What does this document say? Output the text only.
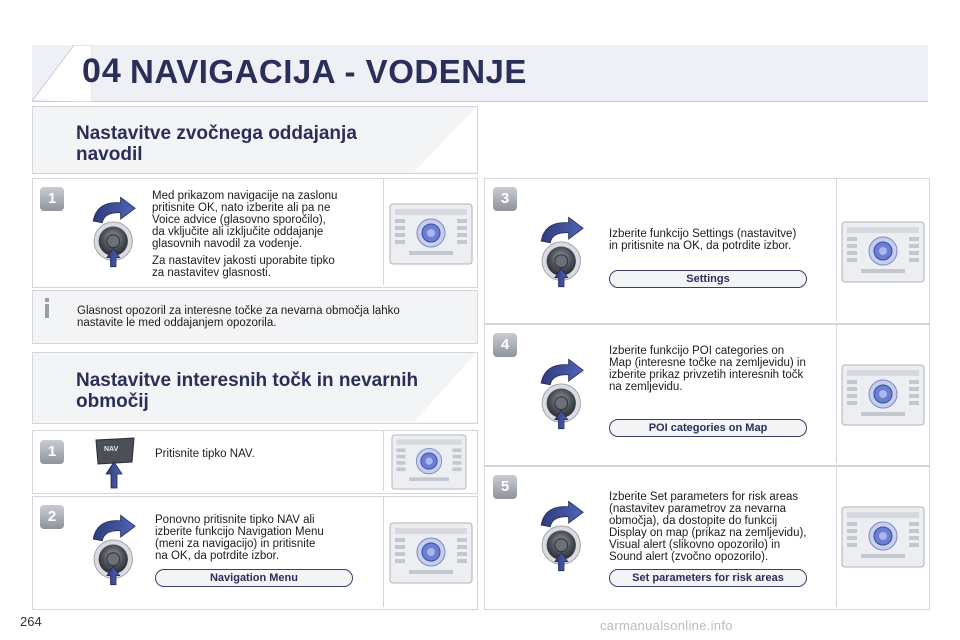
04 NAVIGACIJA - VODENJE
Nastavitve zvočnega oddajanja
navodil
1	Med prikazom navigacije na zaslonu
pritisnite OK, nato izberite ali pa ne
Voice advice (glasovno sporočilo),
da vključite ali izključite oddajanje
glasovnih navodil za vodenje.
Za nastavitev jakosti uporabite tipko
za nastavitev glasnosti.
Glasnost opozoril za interesne točke za nevarna območja lahko
nastavite le med oddajanjem opozorila.
Nastavitve interesnih točk in nevarnih
območij
1	NAV	Pritisnite tipko NAV.
2	Ponovno pritisnite tipko NAV ali
izberite funkcijo Navigation Menu
(meni za navigacijo) in pritisnite
na OK, da potrdite izbor.
Navigation Menu
3
Izberite funkcijo Settings (nastavitve)
in pritisnite na OK, da potrdite izbor.
Settings
4	Izberite funkcijo POI categories on
Map (interesne točke na zemljevidu) in
izberite prikaz privzetih interesnih točk
na zemljevidu.
POI categories on Map
5
Izberite Set parameters for risk areas
(nastavitev parametrov za nevarna
območja), da dostopite do funkcij
Display on map (prikaz na zemljevidu),
Visual alert (slikovno opozorilo) in
Sound alert (zvočno opozorilo).
Set parameters for risk areas
264	carmanualsonline.info
